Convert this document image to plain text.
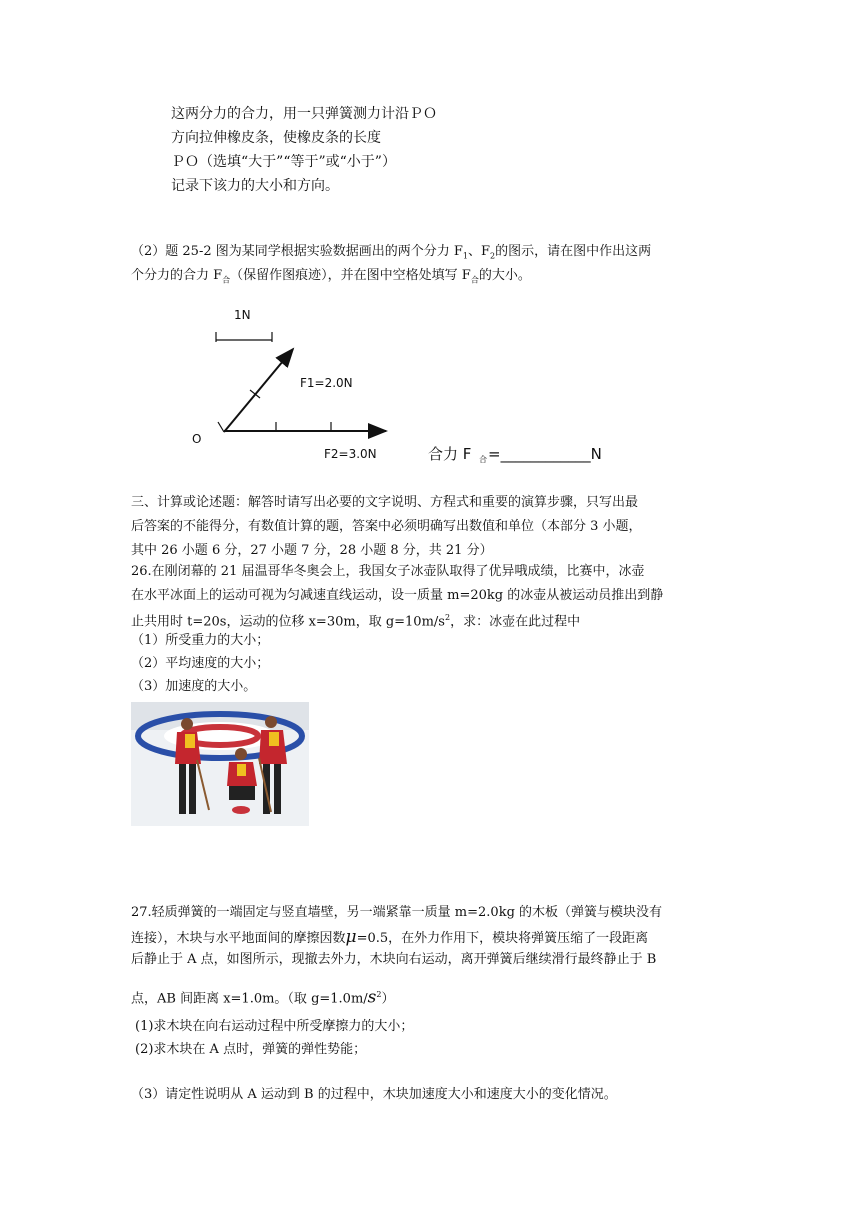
这两分力的合力，用一只弹簧测力计沿ＰＯ
方向拉伸橡皮条，使橡皮条的长度
ＰＯ（选填“大于”“等于”或“小于”）
记录下该力的大小和方向。
（2）题 25-2 图为某同学根据实验数据画出的两个分力 $F_1$、$F_2$的图示，请在图中作出这两
个分力的合力 $F_合$（保留作图痕迹），并在图中空格处填写 $F_合$的大小。
1N
O
F1=2.0N
F2=3.0N	合力 F 合 =____________N
三、计算或论述题：解答时请写出必要的文字说明、方程式和重要的演算步骤，只写出最
后答案的不能得分，有数值计算的题，答案中必须明确写出数值和单位（本部分 3 小题，
其中 26 小题 6 分，27 小题 7 分，28 小题 8 分，共 21 分）
26.在刚闭幕的 21 届温哥华冬奥会上，我国女子冰壶队取得了优异哦成绩，比赛中，冰壶
在水平冰面上的运动可视为匀减速直线运动，设一质量 m=20kg 的冰壶从被运动员推出到静
止共用时 t=20s，运动的位移 x=30m，取 $g=10m/s^2$，求：冰壶在此过程中
（1）所受重力的大小；
（2）平均速度的大小；
（3）加速度的大小。
27.轻质弹簧的一端固定与竖直墙壁，另一端紧靠一质量 m=2.0kg 的木板（弹簧与模块没有
连接），木块与水平地面间的摩擦因数μ=0.5，在外力作用下，模块将弹簧压缩了一段距离
后静止于 A 点，如图所示，现撤去外力，木块向右运动，离开弹簧后继续滑行最终静止于 B
点，AB 间距离 x=1.0m。（取 $g=1.0m/s^2$）
(1)求木块在向右运动过程中所受摩擦力的大小；
(2)求木块在 A 点时，弹簧的弹性势能；
（3）请定性说明从 A 运动到 B 的过程中，木块加速度大小和速度大小的变化情况。
